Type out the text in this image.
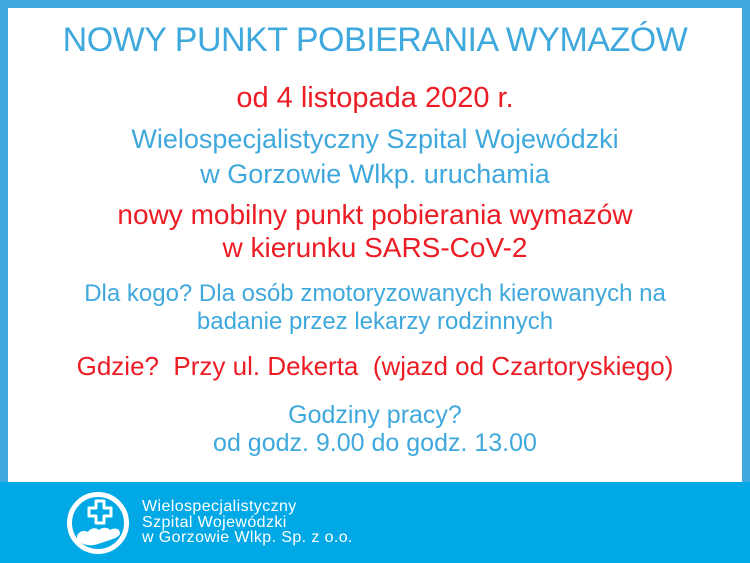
NOWY PUNKT POBIERANIA WYMAZÓW
od 4 listopada 2020 r.
Wielospecjalistyczny Szpital Wojewódzki
w Gorzowie Wlkp. uruchamia
nowy mobilny punkt pobierania wymazów
w kierunku SARS-CoV-2
Dla kogo? Dla osób zmotoryzowanych kierowanych na
badanie przez lekarzy rodzinnych
Gdzie?  Przy ul. Dekerta  (wjazd od Czartoryskiego)
Godziny pracy?
od godz. 9.00 do godz. 13.00
Wielospecjalistyczny
Szpital Wojewódzki
w Gorzowie Wlkp. Sp. z o.o.
